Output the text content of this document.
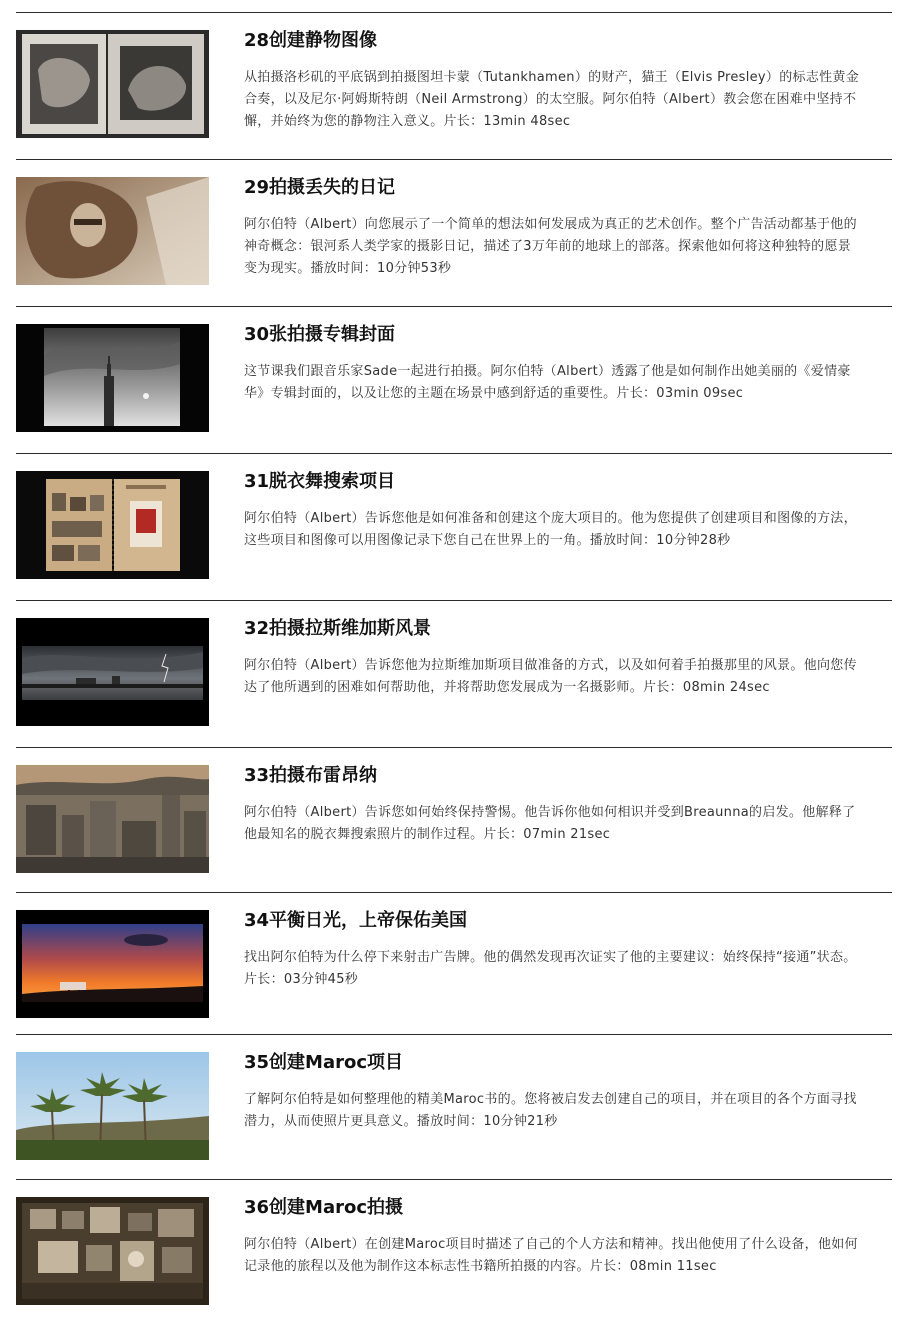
28创建静物图像
从拍摄洛杉矶的平底锅到拍摄图坦卡蒙（Tutankhamen）的财产，猫王（Elvis Presley）的标志性黄金合奏，以及尼尔·阿姆斯特朗（Neil Armstrong）的太空服。阿尔伯特（Albert）教会您在困难中坚持不懈，并始终为您的静物注入意义。片长：13min 48sec
29拍摄丢失的日记
阿尔伯特（Albert）向您展示了一个简单的想法如何发展成为真正的艺术创作。整个广告活动都基于他的神奇概念：银河系人类学家的摄影日记，描述了3万年前的地球上的部落。探索他如何将这种独特的愿景变为现实。播放时间：10分钟53秒
30张拍摄专辑封面
这节课我们跟音乐家Sade一起进行拍摄。阿尔伯特（Albert）透露了他是如何制作出她美丽的《爱情豪华》专辑封面的，以及让您的主题在场景中感到舒适的重要性。片长：03min 09sec
31脱衣舞搜索项目
阿尔伯特（Albert）告诉您他是如何准备和创建这个庞大项目的。他为您提供了创建项目和图像的方法，这些项目和图像可以用图像记录下您自己在世界上的一角。播放时间：10分钟28秒
32拍摄拉斯维加斯风景
阿尔伯特（Albert）告诉您他为拉斯维加斯项目做准备的方式，以及如何着手拍摄那里的风景。他向您传达了他所遇到的困难如何帮助他，并将帮助您发展成为一名摄影师。片长：08min 24sec
33拍摄布雷昂纳
阿尔伯特（Albert）告诉您如何始终保持警惕。他告诉你他如何相识并受到Breaunna的启发。他解释了他最知名的脱衣舞搜索照片的制作过程。片长：07min 21sec
34平衡日光，上帝保佑美国
找出阿尔伯特为什么停下来射击广告牌。他的偶然发现再次证实了他的主要建议：始终保持“接通”状态。片长：03分钟45秒
35创建Maroc项目
了解阿尔伯特是如何整理他的精美Maroc书的。您将被启发去创建自己的项目，并在项目的各个方面寻找潜力，从而使照片更具意义。播放时间：10分钟21秒
36创建Maroc拍摄
阿尔伯特（Albert）在创建Maroc项目时描述了自己的个人方法和精神。找出他使用了什么设备，他如何记录他的旅程以及他为制作这本标志性书籍所拍摄的内容。片长：08min 11sec
